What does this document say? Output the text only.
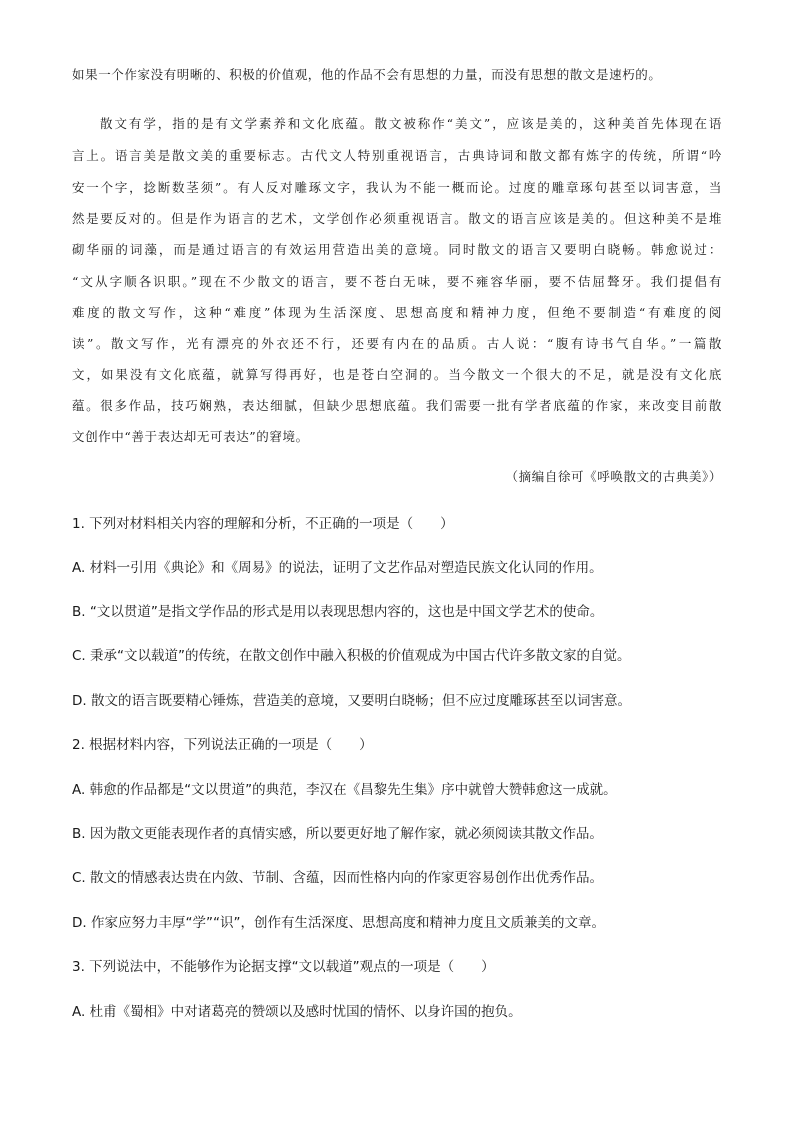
如果一个作家没有明晰的、积极的价值观，他的作品不会有思想的力量，而没有思想的散文是速朽的。
散文有学，指的是有文学素养和文化底蕴。散文被称作“美文”，应该是美的，这种美首先体现在语
言上。语言美是散文美的重要标志。古代文人特别重视语言，古典诗词和散文都有炼字的传统，所谓“吟
安一个字，捻断数茎须”。有人反对雕琢文字，我认为不能一概而论。过度的雕章琢句甚至以词害意，当
然是要反对的。但是作为语言的艺术，文学创作必须重视语言。散文的语言应该是美的。但这种美不是堆
砌华丽的词藻，而是通过语言的有效运用营造出美的意境。同时散文的语言又要明白晓畅。韩愈说过：
“文从字顺各识职。”现在不少散文的语言，要不苍白无味，要不雍容华丽，要不佶屈聱牙。我们提倡有
难度的散文写作，这种“难度”体现为生活深度、思想高度和精神力度，但绝不要制造“有难度的阅
读”。散文写作，光有漂亮的外衣还不行，还要有内在的品质。古人说：“腹有诗书气自华。”一篇散
文，如果没有文化底蕴，就算写得再好，也是苍白空洞的。当今散文一个很大的不足，就是没有文化底
蕴。很多作品，技巧娴熟，表达细腻，但缺少思想底蕴。我们需要一批有学者底蕴的作家，来改变目前散
文创作中“善于表达却无可表达”的窘境。
（摘编自徐可《呼唤散文的古典美》）
1. 下列对材料相关内容的理解和分析，不正确的一项是（　　）
A. 材料一引用《典论》和《周易》的说法，证明了文艺作品对塑造民族文化认同的作用。
B. “文以贯道”是指文学作品的形式是用以表现思想内容的，这也是中国文学艺术的使命。
C. 秉承“文以载道”的传统，在散文创作中融入积极的价值观成为中国古代许多散文家的自觉。
D. 散文的语言既要精心锤炼，营造美的意境，又要明白晓畅；但不应过度雕琢甚至以词害意。
2. 根据材料内容，下列说法正确的一项是（　　）
A. 韩愈的作品都是“文以贯道”的典范，李汉在《昌黎先生集》序中就曾大赞韩愈这一成就。
B. 因为散文更能表现作者的真情实感，所以要更好地了解作家，就必须阅读其散文作品。
C. 散文的情感表达贵在内敛、节制、含蕴，因而性格内向的作家更容易创作出优秀作品。
D. 作家应努力丰厚“学”“识”，创作有生活深度、思想高度和精神力度且文质兼美的文章。
3. 下列说法中，不能够作为论据支撑“文以载道”观点的一项是（　　）
A. 杜甫《蜀相》中对诸葛亮的赞颂以及感时忧国的情怀、以身许国的抱负。
